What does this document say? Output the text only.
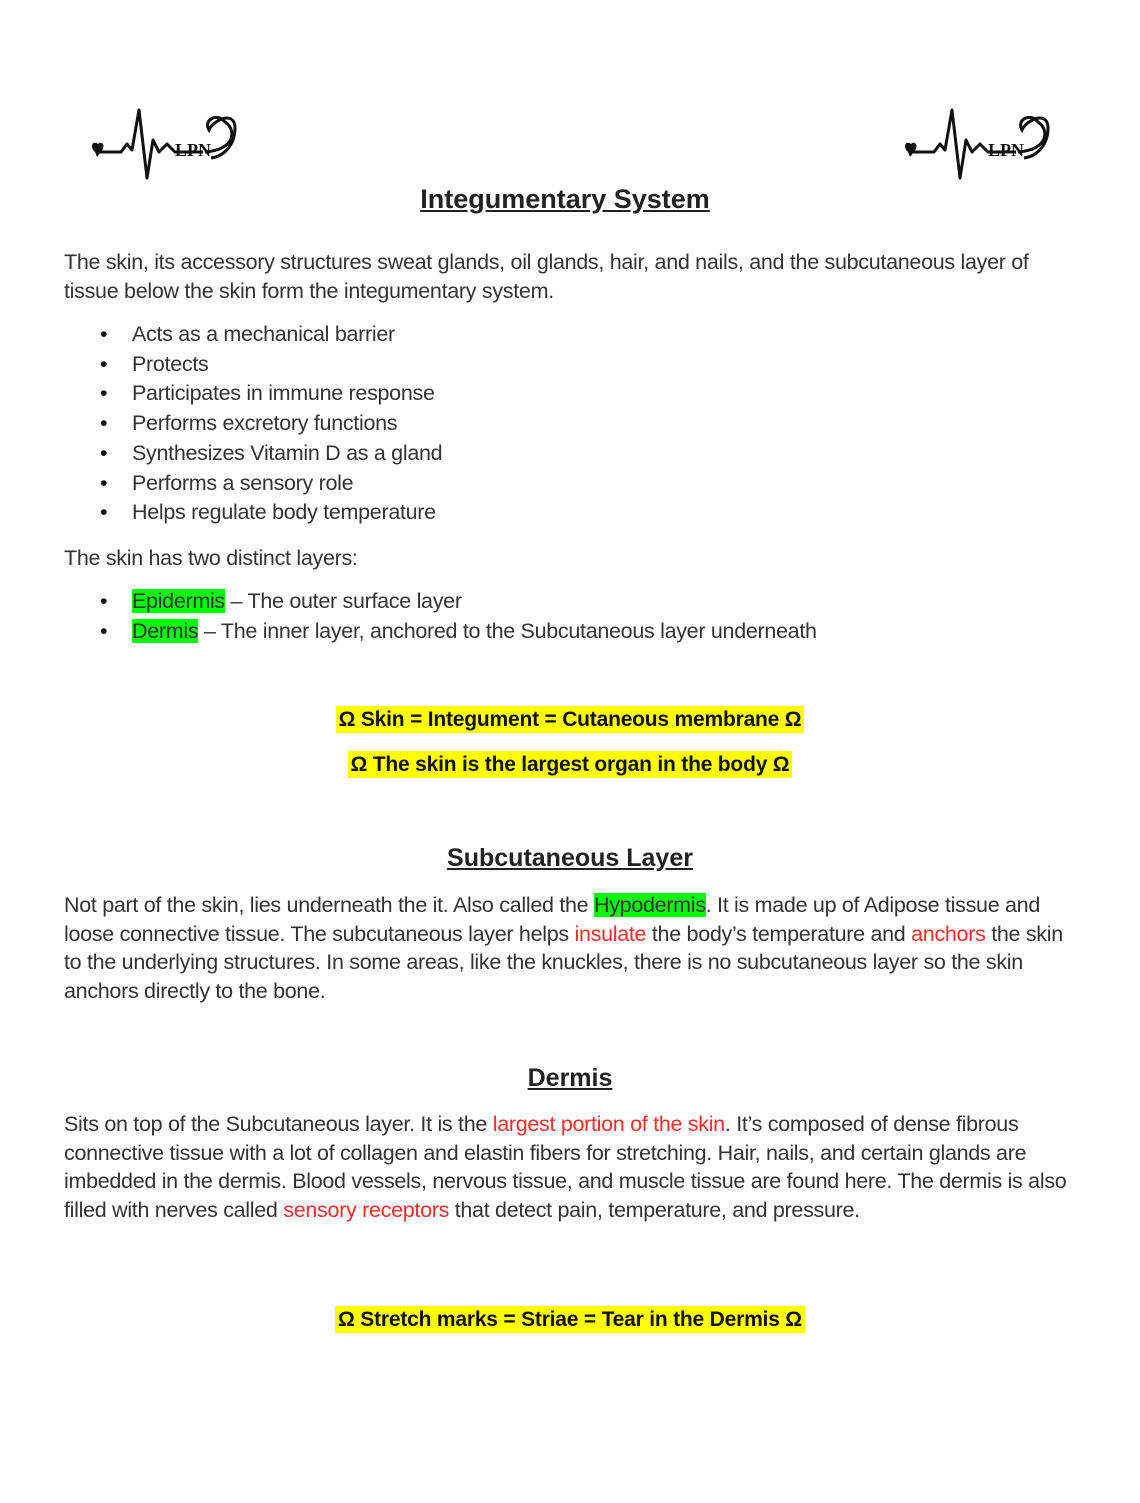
LPN	LPN
Integumentary System

The skin, its accessory structures sweat glands, oil glands, hair, and nails, and the subcutaneous layer of tissue below the skin form the integumentary system.

• Acts as a mechanical barrier
• Protects
• Participates in immune response
• Performs excretory functions
• Synthesizes Vitamin D as a gland
• Performs a sensory role
• Helps regulate body temperature

The skin has two distinct layers:

• Epidermis – The outer surface layer
• Dermis – The inner layer, anchored to the Subcutaneous layer underneath

Ω Skin = Integument = Cutaneous membrane Ω

Ω The skin is the largest organ in the body Ω

Subcutaneous Layer

Not part of the skin, lies underneath the it. Also called the Hypodermis. It is made up of Adipose tissue and loose connective tissue. The subcutaneous layer helps insulate the body’s temperature and anchors the skin to the underlying structures. In some areas, like the knuckles, there is no subcutaneous layer so the skin anchors directly to the bone.

Dermis

Sits on top of the Subcutaneous layer. It is the largest portion of the skin. It’s composed of dense fibrous connective tissue with a lot of collagen and elastin fibers for stretching. Hair, nails, and certain glands are imbedded in the dermis. Blood vessels, nervous tissue, and muscle tissue are found here. The dermis is also filled with nerves called sensory receptors that detect pain, temperature, and pressure.

Ω Stretch marks = Striae = Tear in the Dermis Ω
